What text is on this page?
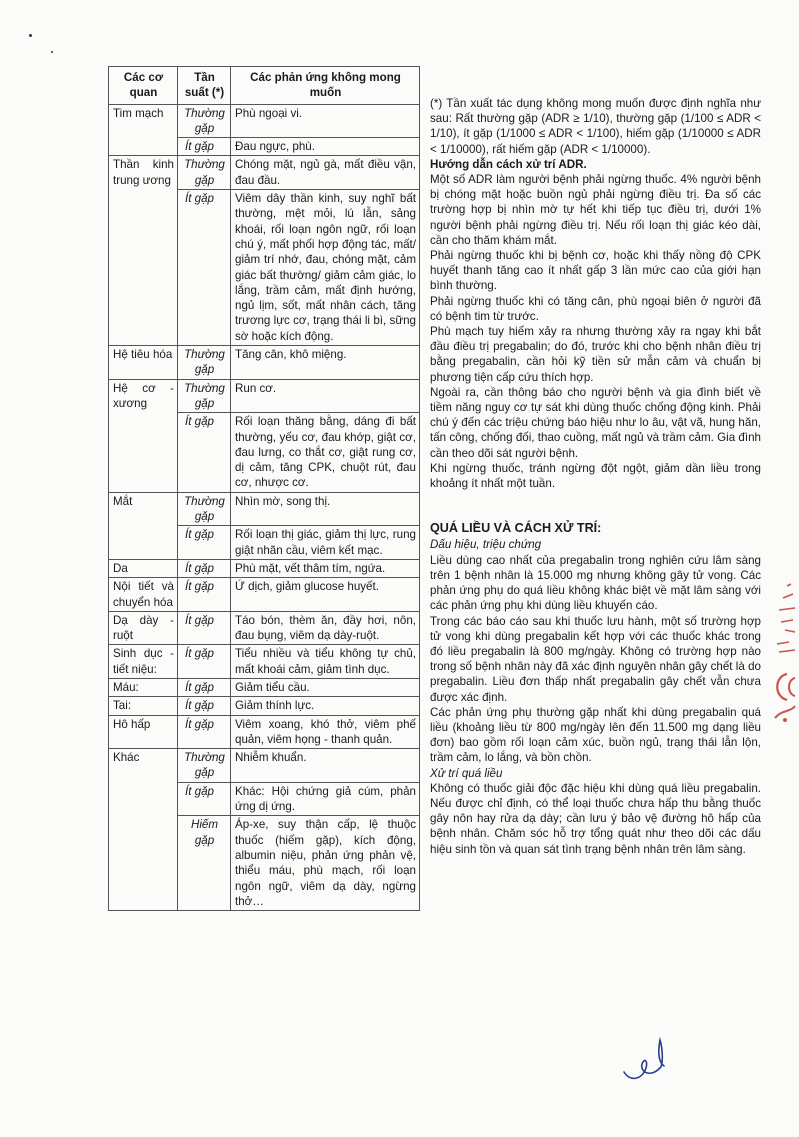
Các cơ quan	Tần suất (*)	Các phản ứng không mong muốn
Tim mạch	Thường gặp	Phù ngoại vi.
	Ít gặp	Đau ngực, phù.
Thần kinh trung ương	Thường gặp	Chóng mặt, ngủ gà, mất điều vận, đau đầu.
	Ít gặp	Viêm dây thần kinh, suy nghĩ bất thường, mệt mỏi, lú lẫn, sảng khoái, rối loạn ngôn ngữ, rối loạn chú ý, mất phối hợp động tác, mất/ giảm trí nhớ, đau, chóng mặt, cảm giác bất thường/ giảm cảm giác, lo lắng, trầm cảm, mất định hướng, ngủ lịm, sốt, mất nhân cách, tăng trương lực cơ, trạng thái li bì, sững sờ hoặc kích động.
Hệ tiêu hóa	Thường gặp	Tăng cân, khô miệng.
Hệ cơ - xương	Thường gặp	Run cơ.
	Ít gặp	Rối loạn thăng bằng, dáng đi bất thường, yếu cơ, đau khớp, giật cơ, đau lưng, co thắt cơ, giật rung cơ, dị cảm, tăng CPK, chuột rút, đau cơ, nhược cơ.
Mắt	Thường gặp	Nhìn mờ, song thị.
	Ít gặp	Rối loạn thị giác, giảm thị lực, rung giật nhãn cầu, viêm kết mạc.
Da	Ít gặp	Phù mặt, vết thâm tím, ngứa.
Nội tiết và chuyển hóa	Ít gặp	Ứ dịch, giảm glucose huyết.
Dạ dày - ruột	Ít gặp	Táo bón, thèm ăn, đầy hơi, nôn, đau bụng, viêm dạ dày-ruột.
Sinh dục - tiết niệu:	Ít gặp	Tiểu nhiều và tiểu không tự chủ, mất khoái cảm, giảm tình dục.
Máu:	Ít gặp	Giảm tiểu cầu.
Tai:	Ít gặp	Giảm thính lực.
Hô hấp	Ít gặp	Viêm xoang, khó thở, viêm phế quản, viêm họng - thanh quản.
Khác	Thường gặp	Nhiễm khuẩn.
	Ít gặp	Khác: Hội chứng giả cúm, phản ứng dị ứng.
	Hiếm gặp	Áp-xe, suy thận cấp, lệ thuộc thuốc (hiếm gặp), kích động, albumin niệu, phản ứng phản vệ, thiểu máu, phù mạch, rối loạn ngôn ngữ, viêm dạ dày, ngừng thở…

(*) Tần xuất tác dụng không mong muốn được định nghĩa như sau: Rất thường gặp (ADR ≥ 1/10), thường gặp (1/100 ≤ ADR < 1/10), ít gặp (1/1000 ≤ ADR < 1/100), hiếm gặp (1/10000 ≤ ADR < 1/10000), rất hiếm gặp (ADR < 1/10000).

Hướng dẫn cách xử trí ADR.

Một số ADR làm người bệnh phải ngừng thuốc. 4% người bệnh bị chóng mặt hoặc buồn ngủ phải ngừng điều trị. Đa số các trường hợp bị nhìn mờ tự hết khi tiếp tục điều trị, dưới 1% người bệnh phải ngừng điều trị. Nếu rối loạn thị giác kéo dài, cần cho thăm khám mắt.

Phải ngừng thuốc khi bị bệnh cơ, hoặc khi thấy nồng độ CPK huyết thanh tăng cao ít nhất gấp 3 lần mức cao của giới hạn bình thường.

Phải ngừng thuốc khi có tăng cân, phù ngoại biên ở người đã có bệnh tim từ trước.

Phù mạch tuy hiếm xảy ra nhưng thường xảy ra ngay khi bắt đầu điều trị pregabalin; do đó, trước khi cho bệnh nhân điều trị bằng pregabalin, cần hỏi kỹ tiền sử mẫn cảm và chuẩn bị phương tiện cấp cứu thích hợp.

Ngoài ra, cần thông báo cho người bệnh và gia đình biết về tiềm năng nguy cơ tự sát khi dùng thuốc chống động kinh. Phải chú ý đến các triệu chứng báo hiệu như lo âu, vật vã, hung hăn, tấn công, chống đối, thao cuồng, mất ngủ và trầm cảm. Gia đình cần theo dõi sát người bệnh.

Khi ngừng thuốc, tránh ngừng đột ngột, giảm dần liều trong khoảng ít nhất một tuần.

QUÁ LIỀU VÀ CÁCH XỬ TRÍ:

Dấu hiệu, triệu chứng

Liều dùng cao nhất của pregabalin trong nghiên cứu lâm sàng trên 1 bệnh nhân là 15.000 mg nhưng không gây tử vong. Các phản ứng phụ do quá liều không khác biệt về mặt lâm sàng với các phản ứng phụ khi dùng liều khuyến cáo.

Trong các báo cáo sau khi thuốc lưu hành, một số trường hợp tử vong khi dùng pregabalin kết hợp với các thuốc khác trong đó liều pregabalin là 800 mg/ngày. Không có trường hợp nào trong số bệnh nhân này đã xác định nguyên nhân gây chết là do pregabalin. Liều đơn thấp nhất pregabalin gây chết vẫn chưa được xác định.

Các phản ứng phụ thường gặp nhất khi dùng pregabalin quá liều (khoảng liều từ 800 mg/ngày lên đến 11.500 mg dạng liều đơn) bao gồm rối loạn cảm xúc, buồn ngủ, trạng thái lẫn lộn, trầm cảm, lo lắng, và bồn chồn.

Xử trí quá liều

Không có thuốc giải độc đặc hiệu khi dùng quá liều pregabalin. Nếu được chỉ định, có thể loại thuốc chưa hấp thu bằng thuốc gây nôn hay rửa dạ dày; cần lưu ý bảo vệ đường hô hấp của bệnh nhân. Chăm sóc hỗ trợ tổng quát như theo dõi các dấu hiệu sinh tồn và quan sát tình trạng bệnh nhân trên lâm sàng.
